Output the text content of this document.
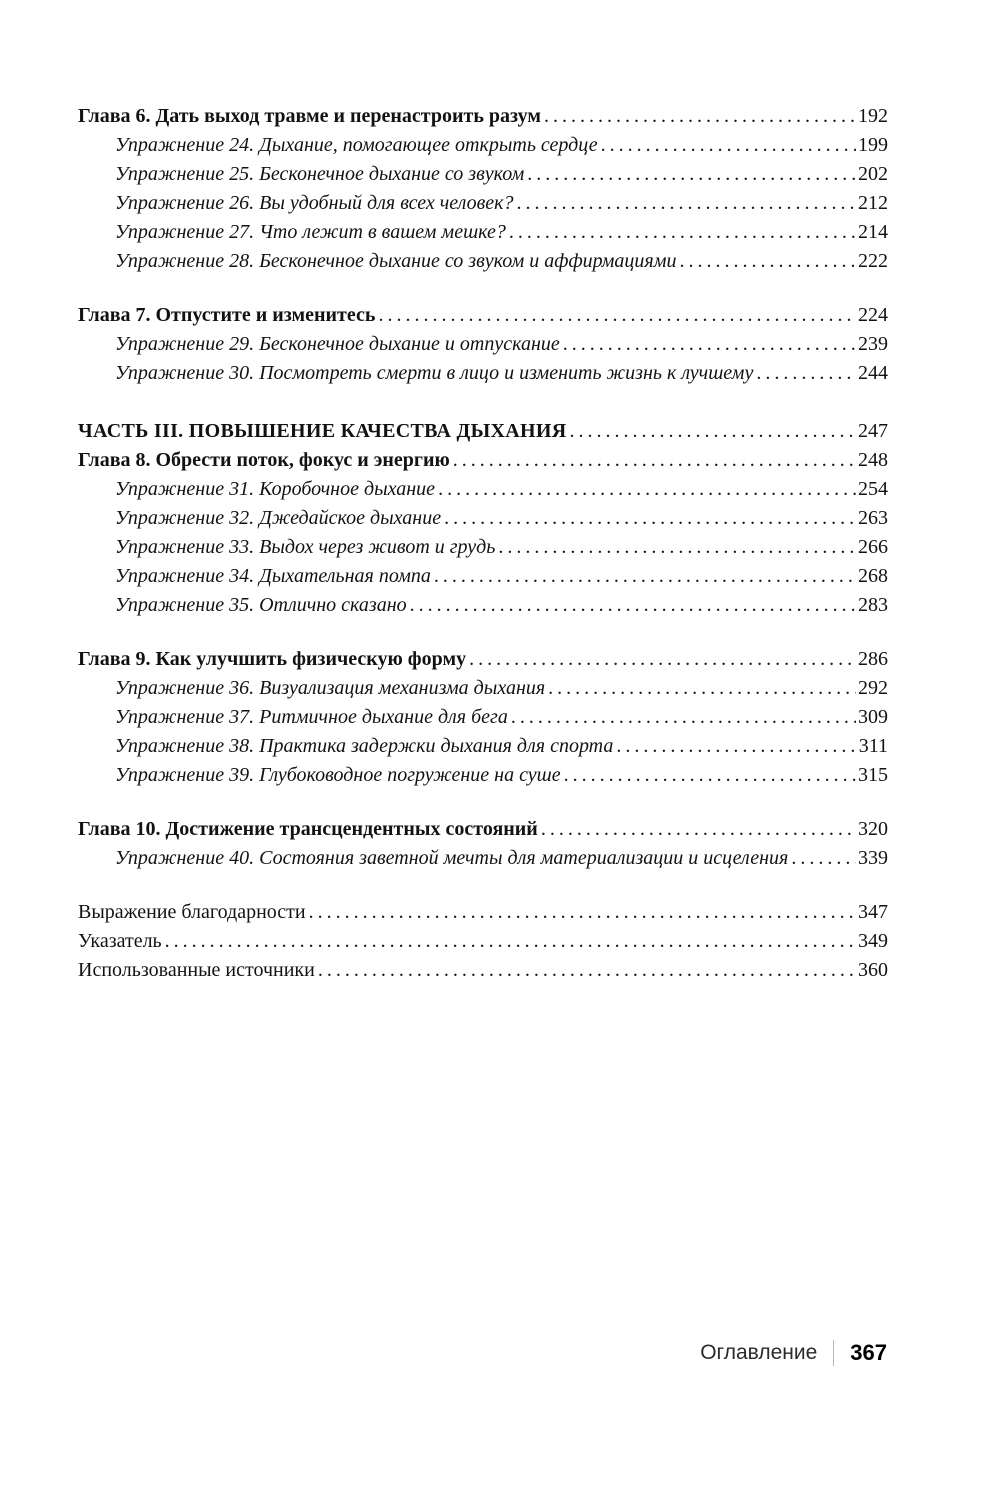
Глава 6. Дать выход травме и перенастроить разум .....	192
Упражнение 24. Дыхание, помогающее открыть сердце .....	199
Упражнение 25. Бесконечное дыхание со звуком .....	202
Упражнение 26. Вы удобный для всех человек? .....	212
Упражнение 27. Что лежит в вашем мешке? .....	214
Упражнение 28. Бесконечное дыхание со звуком и аффирмациями .....	222
Глава 7. Отпустите и изменитесь .....	224
Упражнение 29. Бесконечное дыхание и отпускание .....	239
Упражнение 30. Посмотреть смерти в лицо и изменить жизнь к лучшему .....	244
ЧАСТЬ III. ПОВЫШЕНИЕ КАЧЕСТВА ДЫХАНИЯ .....	247
Глава 8. Обрести поток, фокус и энергию .....	248
Упражнение 31. Коробочное дыхание .....	254
Упражнение 32. Джедайское дыхание .....	263
Упражнение 33. Выдох через живот и грудь .....	266
Упражнение 34. Дыхательная помпа .....	268
Упражнение 35. Отлично сказано .....	283
Глава 9. Как улучшить физическую форму .....	286
Упражнение 36. Визуализация механизма дыхания .....	292
Упражнение 37. Ритмичное дыхание для бега .....	309
Упражнение 38. Практика задержки дыхания для спорта .....	311
Упражнение 39. Глубоководное погружение на суше .....	315
Глава 10. Достижение трансцендентных состояний .....	320
Упражнение 40. Состояния заветной мечты для материализации и исцеления .....	339
Выражение благодарности .....	347
Указатель .....	349
Использованные источники .....	360
Оглавление 367
